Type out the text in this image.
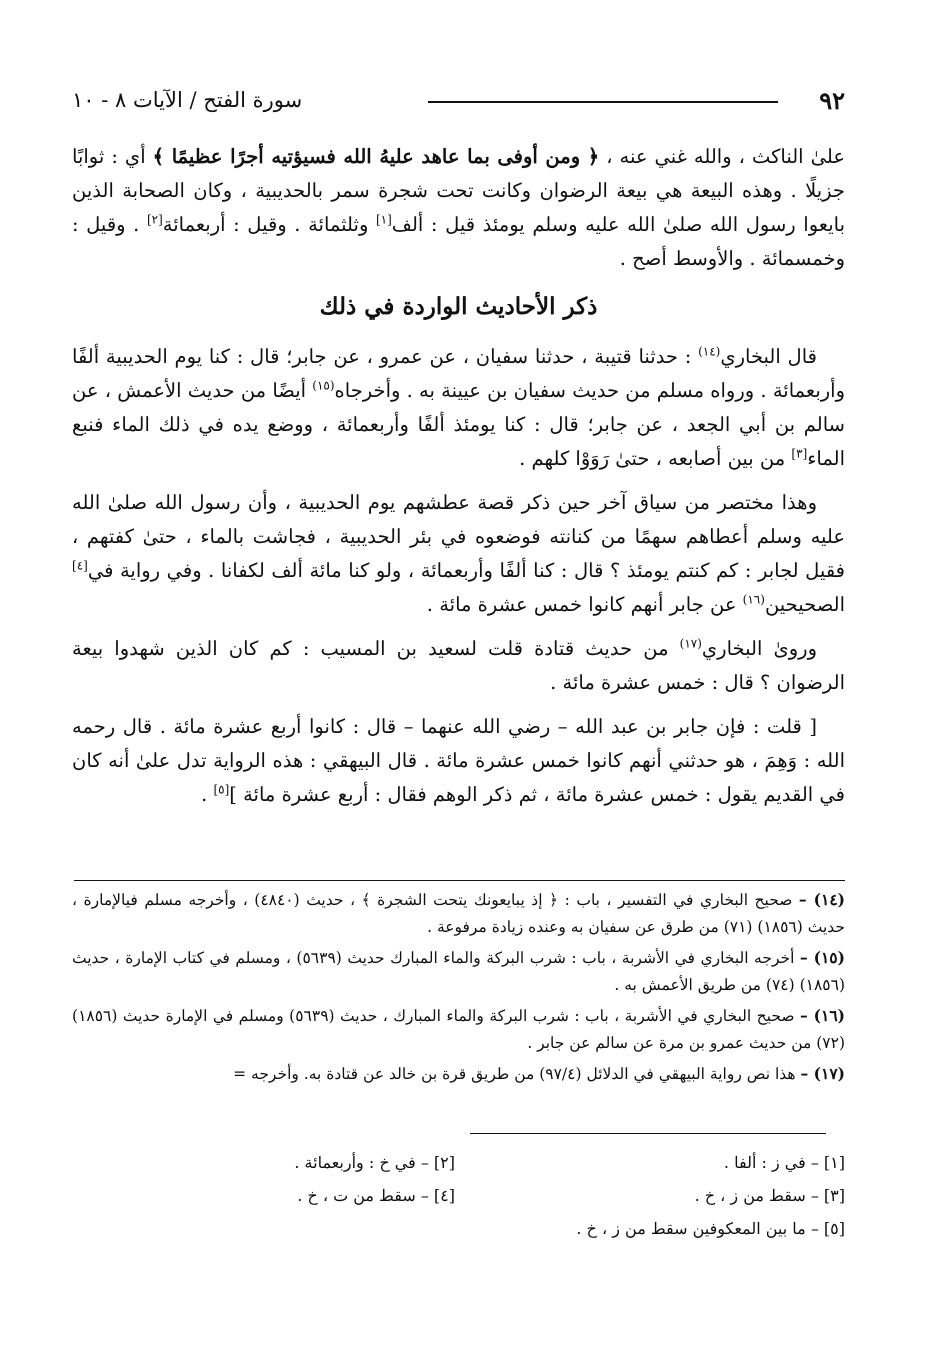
٩٢
سورة الفتح / الآيات ٨ - ١٠

علىٰ الناكث ، والله غني عنه ، ﴿ ومن أوفى بما عاهد عليهُ الله فسيؤتيه أجرًا عظيمًا ﴾ أي : ثوابًا جزيلًا . وهذه البيعة هي بيعة الرضوان وكانت تحت شجرة سمر بالحديبية ، وكان الصحابة الذين بايعوا رسول الله صلىٰ الله عليه وسلم يومئذ قيل : ألف[١] وثلثمائة . وقيل : أربعمائة[٢] . وقيل : وخمسمائة . والأوسط أصح .

ذكر الأحاديث الواردة في ذلك

قال البخاري$^{(١٤)}$ : حدثنا قتيبة ، حدثنا سفيان ، عن عمرو ، عن جابر؛ قال : كنا يوم الحديبية ألفًا وأربعمائة . ورواه مسلم من حديث سفيان بن عيينة به . وأخرجاه$^{(١٥)}$ أيضًا من حديث الأعمش ، عن سالم بن أبي الجعد ، عن جابر؛ قال : كنا يومئذ ألفًا وأربعمائة ، ووضع يده في ذلك الماء فنبع الماء[٣] من بين أصابعه ، حتىٰ رَوَوْا كلهم .

وهذا مختصر من سياق آخر حين ذكر قصة عطشهم يوم الحديبية ، وأن رسول الله صلىٰ الله عليه وسلم أعطاهم سهمًا من كنانته فوضعوه في بئر الحديبية ، فجاشت بالماء ، حتىٰ كفتهم ، فقيل لجابر : كم كنتم يومئذ ؟ قال : كنا ألفًا وأربعمائة ، ولو كنا مائة ألف لكفانا . وفي رواية في[٤] الصحيحين$^{(١٦)}$ عن جابر أنهم كانوا خمس عشرة مائة .

وروىٰ البخاري$^{(١٧)}$ من حديث قتادة قلت لسعيد بن المسيب : كم كان الذين شهدوا بيعة الرضوان ؟ قال : خمس عشرة مائة .

[ قلت : فإن جابر بن عبد الله – رضي الله عنهما – قال : كانوا أربع عشرة مائة . قال رحمه الله : وَهِمَ ، هو حدثني أنهم كانوا خمس عشرة مائة . قال البيهقي : هذه الرواية تدل علىٰ أنه كان في القديم يقول : خمس عشرة مائة ، ثم ذكر الوهم فقال : أربع عشرة مائة ][٥] .

(١٤) – صحيح البخاري في التفسير ، باب : ﴿ إذ يبايعونك يتحت الشجرة ﴾ ، حديث (٤٨٤٠) ، وأخرجه مسلم فيالإمارة ، حديث (١٨٥٦) (٧١) من طرق عن سفيان به وعنده زيادة مرفوعة .

(١٥) – أخرجه البخاري في الأشربة ، باب : شرب البركة والماء المبارك حديث (٥٦٣٩) ، ومسلم في كتاب الإمارة ، حديث (١٨٥٦) (٧٤) من طريق الأعمش به .

(١٦) – صحيح البخاري في الأشربة ، باب : شرب البركة والماء المبارك ، حديث (٥٦٣٩) ومسلم في الإمارة حديث (١٨٥٦) (٧٢) من حديث عمرو بن مرة عن سالم عن جابر .

(١٧) – هذا نص رواية البيهقي في الدلائل (٩٧/٤) من طريق قرة بن خالد عن قتادة به. وأخرجه =

[١] – في ز : ألفا .
[٢] – في خ : وأربعمائة .
[٣] – سقط من ز ، خ .
[٤] – سقط من ت ، خ .
[٥] – ما بين المعكوفين سقط من ز ، خ .
